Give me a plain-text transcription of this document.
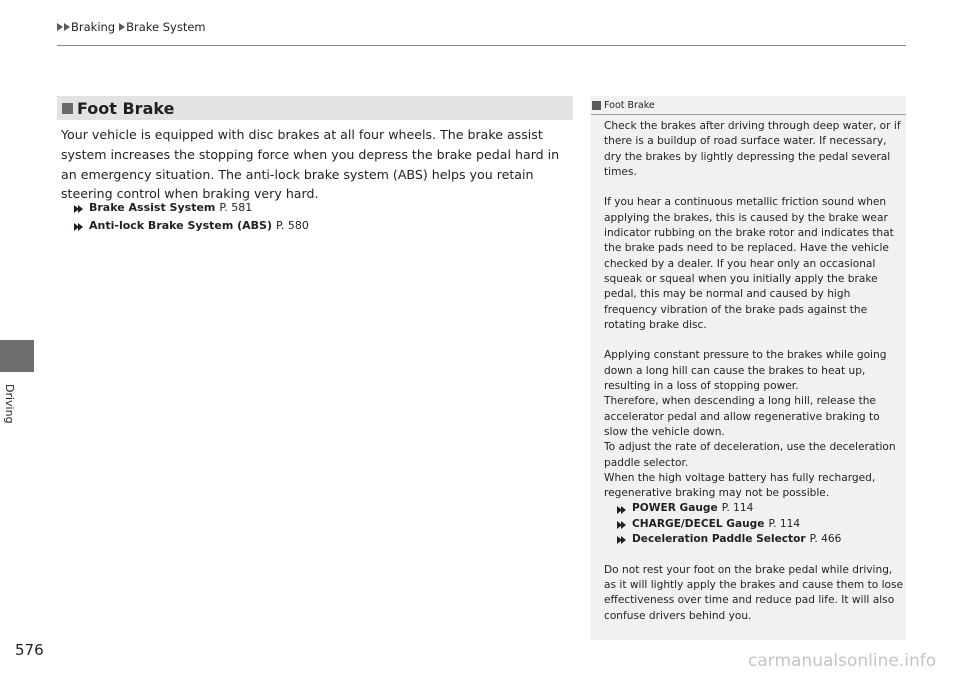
Braking Brake System
Driving
Foot Brake
Your vehicle is equipped with disc brakes at all four wheels. The brake assist system increases the stopping force when you depress the brake pedal hard in an emergency situation. The anti-lock brake system (ABS) helps you retain steering control when braking very hard.
Brake Assist System P. 581
Anti-lock Brake System (ABS) P. 580
Foot Brake

Check the brakes after driving through deep water, or if there is a buildup of road surface water. If necessary, dry the brakes by lightly depressing the pedal several times.

If you hear a continuous metallic friction sound when applying the brakes, this is caused by the brake wear indicator rubbing on the brake rotor and indicates that the brake pads need to be replaced. Have the vehicle checked by a dealer. If you hear only an occasional squeak or squeal when you initially apply the brake pedal, this may be normal and caused by high frequency vibration of the brake pads against the rotating brake disc.

Applying constant pressure to the brakes while going down a long hill can cause the brakes to heat up, resulting in a loss of stopping power.

Therefore, when descending a long hill, release the accelerator pedal and allow regenerative braking to slow the vehicle down.

To adjust the rate of deceleration, use the deceleration paddle selector.

When the high voltage battery has fully recharged, regenerative braking may not be possible.

POWER Gauge P. 114
CHARGE/DECEL Gauge P. 114
Deceleration Paddle Selector P. 466

Do not rest your foot on the brake pedal while driving, as it will lightly apply the brakes and cause them to lose effectiveness over time and reduce pad life. It will also confuse drivers behind you.

576
carmanualsonline.info
